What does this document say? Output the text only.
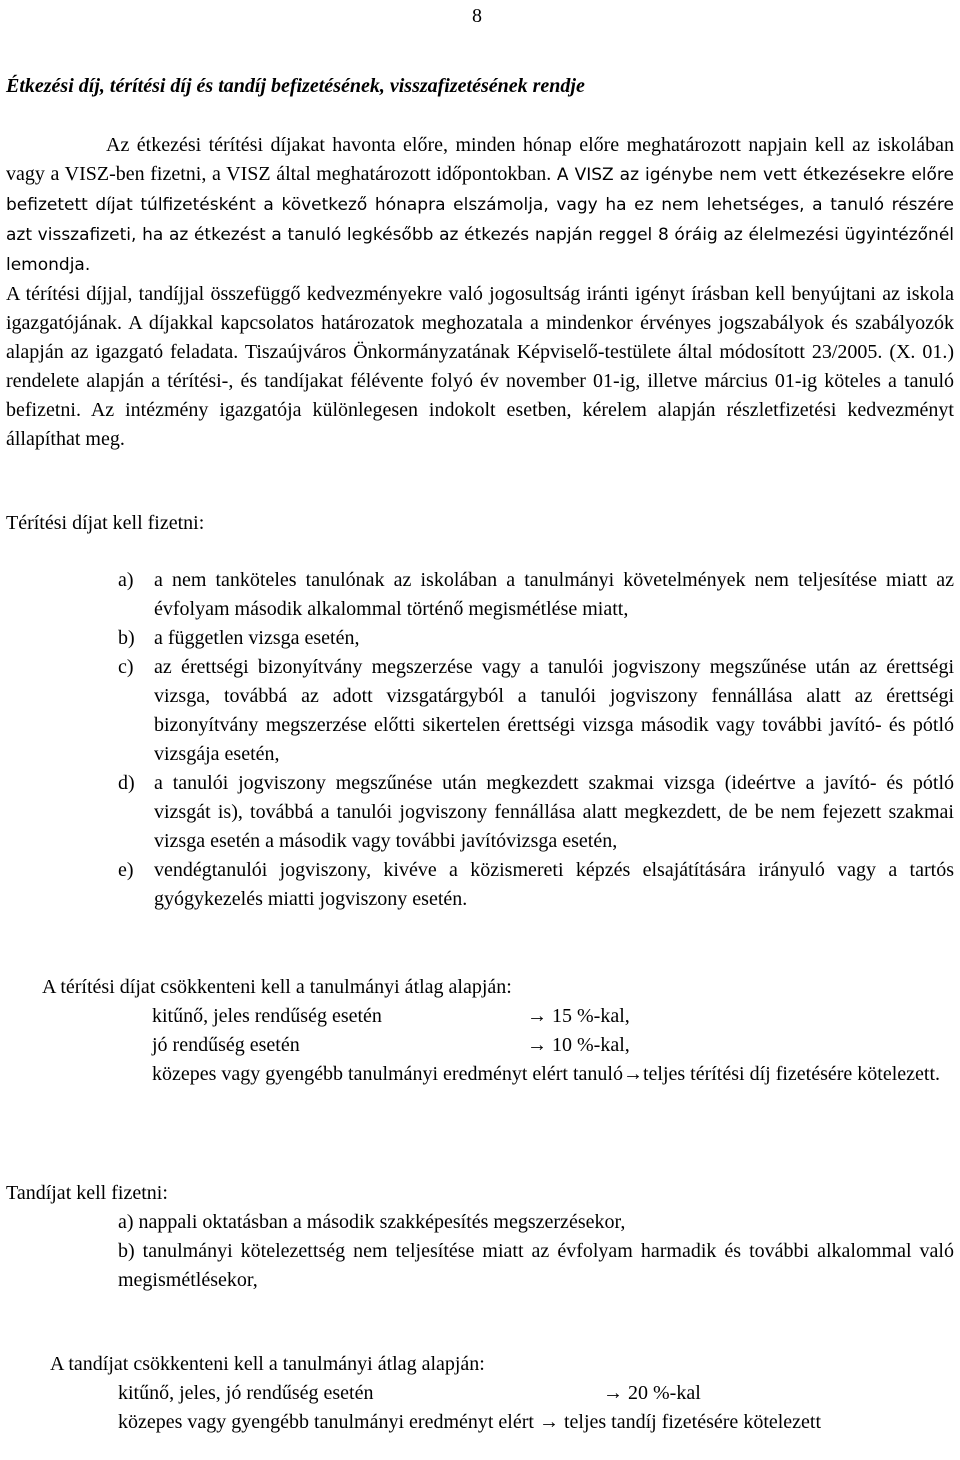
8
Étkezési díj, térítési díj és tandíj befizetésének, visszafizetésének rendje

Az étkezési térítési díjakat havonta előre, minden hónap előre meghatározott napjain kell az iskolában vagy a VISZ-ben fizetni, a VISZ által meghatározott időpontokban. A VISZ az igénybe nem vett étkezésekre előre befizetett díjat túlfizetésként a következő hónapra elszámolja, vagy ha ez nem lehetséges, a tanuló részére azt visszafizeti, ha az étkezést a tanuló legkésőbb az étkezés napján reggel 8 óráig az élelmezési ügyintézőnél lemondja.

A térítési díjjal, tandíjjal összefüggő kedvezményekre való jogosultság iránti igényt írásban kell benyújtani az iskola igazgatójának. A díjakkal kapcsolatos határozatok meghozatala a mindenkor érvényes jogszabályok és szabályozók alapján az igazgató feladata. Tiszaújváros Önkormányzatának Képviselő-testülete által módosított 23/2005. (X. 01.) rendelete alapján a térítési-, és tandíjakat félévente folyó év november 01-ig, illetve március 01-ig köteles a tanuló befizetni. Az intézmény igazgatója különlegesen indokolt esetben, kérelem alapján részletfizetési kedvezményt állapíthat meg.

Térítési díjat kell fizetni:
a) a nem tanköteles tanulónak az iskolában a tanulmányi követelmények nem teljesítése miatt az évfolyam második alkalommal történő megismétlése miatt,
b) a független vizsga esetén,
c) az érettségi bizonyítvány megszerzése vagy a tanulói jogviszony megszűnése után az érettségi vizsga, továbbá az adott vizsgatárgyból a tanulói jogviszony fennállása alatt az érettségi bizonyítvány megszerzése előtti sikertelen érettségi vizsga második vagy további javító- és pótló vizsgája esetén,
d) a tanulói jogviszony megszűnése után megkezdett szakmai vizsga (ideértve a javító- és pótló vizsgát is), továbbá a tanulói jogviszony fennállása alatt megkezdett, de be nem fejezett szakmai vizsga esetén a második vagy további javítóvizsga esetén,
e) vendégtanulói jogviszony, kivéve a közismereti képzés elsajátítására irányuló vagy a tartós gyógykezelés miatti jogviszony esetén.
A térítési díjat csökkenteni kell a tanulmányi átlag alapján:
kitűnő, jeles rendűség esetén	→ 15 %-kal,
jó rendűség esetén	→ 10 %-kal,
közepes vagy gyengébb tanulmányi eredményt elért tanuló→teljes térítési díj fizetésére kötelezett.
Tandíjat kell fizetni:
a) nappali oktatásban a második szakképesítés megszerzésekor,
b) tanulmányi kötelezettség nem teljesítése miatt az évfolyam harmadik és további alkalommal való megismétlésekor,
A tandíjat csökkenteni kell a tanulmányi átlag alapján:
kitűnő, jeles, jó rendűség esetén	→ 20 %-kal
közepes vagy gyengébb tanulmányi eredményt elért → teljes tandíj fizetésére kötelezett
